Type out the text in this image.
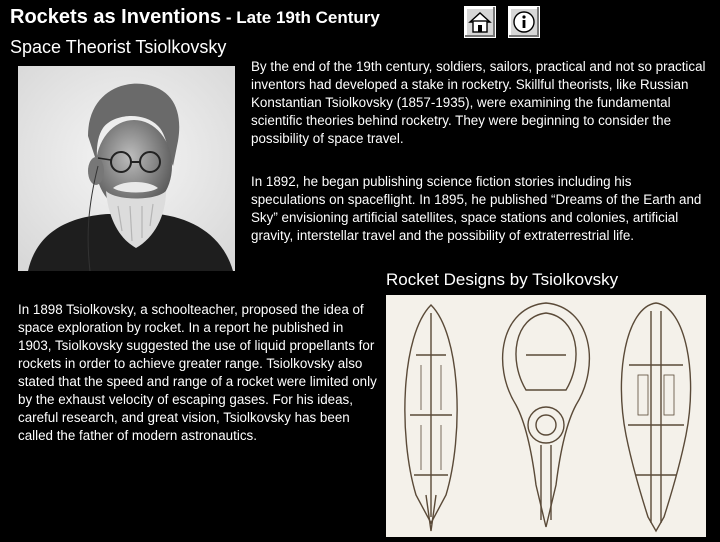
Rockets as Inventions - Late 19th Century
Space Theorist Tsiolkovsky
By the end of the 19th century, soldiers, sailors, practical and not so practical inventors had developed a stake in rocketry. Skillful theorists, like Russian Konstantian Tsiolkovsky (1857-1935), were examining the fundamental scientific theories behind rocketry. They were beginning to consider the possibility of space travel.
In 1892, he began publishing science fiction stories including his speculations on spaceflight. In 1895, he published “Dreams of the Earth and Sky” envisioning artificial satellites, space stations and colonies, artificial gravity, interstellar travel and the possibility of extraterrestrial life.
Rocket Designs by Tsiolkovsky
In 1898 Tsiolkovsky, a schoolteacher, proposed the idea of space exploration by rocket. In a report he published in 1903, Tsiolkovsky suggested the use of liquid propellants for rockets in order to achieve greater range. Tsiolkovsky also stated that the speed and range of a rocket were limited only by the exhaust velocity of escaping gases. For his ideas, careful research, and great vision, Tsiolkovsky has been called the father of modern astronautics.
